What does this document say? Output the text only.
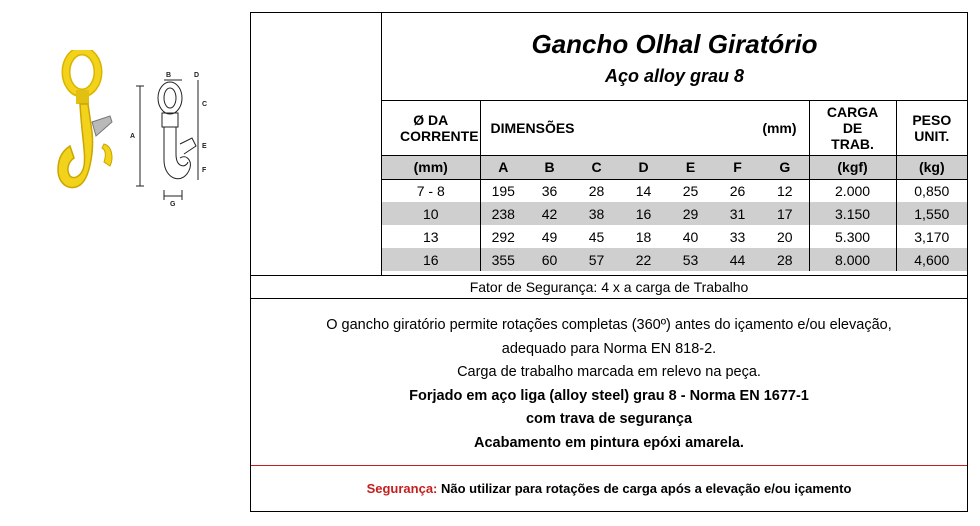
B	D
C
A
E
F
G
Gancho Olhal Giratório
Aço alloy grau 8
Ø DA CORRENTE	DIMENSÕES (mm)							CARGA DE TRAB.	PESO UNIT.
(mm)	A	B	C	D	E	F	G	(kgf)	(kg)
7 - 8	195	36	28	14	25	26	12	2.000	0,850
10	238	42	38	16	29	31	17	3.150	1,550
13	292	49	45	18	40	33	20	5.300	3,170
16	355	60	57	22	53	44	28	8.000	4,600
Fator de Segurança: 4 x a carga de Trabalho

O gancho giratório permite rotações completas (360º) antes do içamento e/ou elevação,

adequado para Norma EN 818-2.

Carga de trabalho marcada em relevo na peça.

Forjado em aço liga (alloy steel) grau 8 - Norma EN 1677-1

com trava de segurança

Acabamento em pintura epóxi amarela.

Segurança: Não utilizar para rotações de carga após a elevação e/ou içamento
